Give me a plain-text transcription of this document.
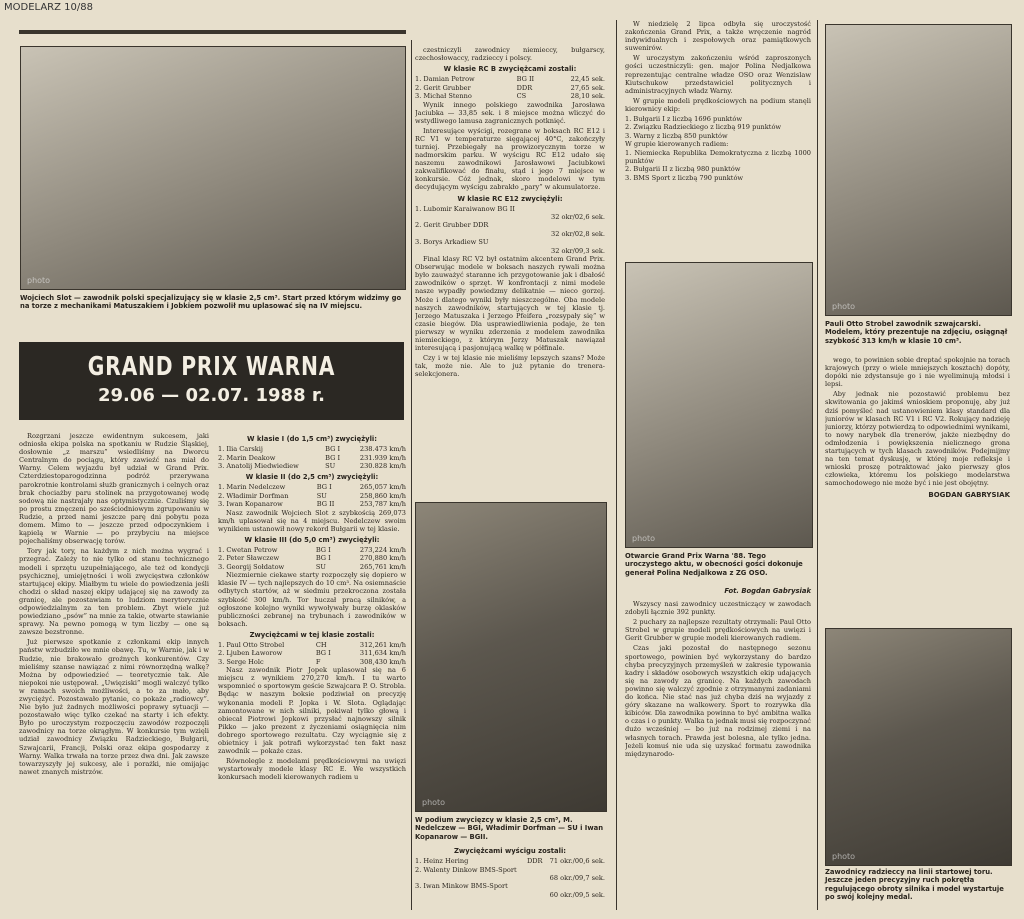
MODELARZ 10/88
photo
Wojciech Slot — zawodnik polski specjalizujący się w klasie 2,5 cm³. Start przed którym widzimy go na torze z mechanikami Matuszakiem i Jobkiem pozwolił mu uplasować się na IV miejscu.
GRAND PRIX WARNA
29.06 — 02.07. 1988 r.

Rozgrzani jeszcze ewidentnym sukcesem, jaki odniosła ekipa polska na spotkaniu w Rudzie Śląskiej, dosłownie „z marszu” wsiedliśmy na Dworcu Centralnym do pociągu, który zawieźć nas miał do Warny. Celem wyjazdu był udział w Grand Prix. Czterdziestoparogodzinna podróż przerywana parokrotnie kontrolami służb granicznych i celnych oraz brak chociażby paru stolinek na przygotowanej wodę sodową nie nastrajały nas optymistycznie. Czuliśmy się po prostu zmęczeni po sześciodniowym zgrupowaniu w Rudzie, a przed nami jeszcze parę dni pobytu poza domem. Mimo to — jeszcze przed odpoczynkiem i kąpielą w Warnie — po przybyciu na miejsce pojechaliśmy obserwację torów.

Tory jak tory, na każdym z nich można wygrać i przegrać. Zależy to nie tylko od stanu technicznego modeli i sprzętu uzupełniającego, ale też od kondycji psychicznej, umiejętności i woli zwycięstwa członków startującej ekipy. Miałbym tu wiele do powiedzenia jeśli chodzi o skład naszej ekipy udającej się na zawody za granicę, ale pozostawiam to ludziom merytorycznie odpowiedzialnym za ten problem. Zbyt wiele już powiedziano „psów” na mnie za takie, otwarte stawianie sprawy. Na pewno pomogą w tym liczby — one są zawsze bezstronne.

Już pierwsze spotkanie z członkami ekip innych państw wzbudziło we mnie obawę. Tu, w Warnie, jak i w Rudzie, nie brakowało groźnych konkurentów. Czy mieliśmy szanse nawiązać z nimi równorzędną walkę? Można by odpowiedzieć — teoretycznie tak. Ale niepokoi nie ustępował. „Uwięziski” mogli walczyć tylko w ramach swoich możliwości, a to za mało, aby zwyciężyć. Pozostawało pytanie, co pokaże „radiowcy”. Nie było już żadnych możliwości poprawy sytuacji — pozostawało więc tylko czekać na starty i ich efekty. Było po uroczystym rozpoczęciu zawodów rozpoczęli zawodnicy na torze okrągłym. W konkursie tym wzięli udział zawodnicy Związku Radzieckiego, Bułgarii, Szwajcarii, Francji, Polski oraz ekipa gospodarzy z Warny. Walka trwała na torze przez dwa dni. Jak zawsze towarzyszyły jej sukcesy, ale i porażki, nie omijając nawet znanych mistrzów.

W klasie I (do 1,5 cm³) zwyciężyli:
1. Ilia Carskij	BG I	238.473 km/h
2. Marin Deakow	BG I	231.939 km/h
3. Anatolij Miedwiediew	SU	230.828 km/h
W klasie II (do 2,5 cm³) zwyciężyli:
1. Marin Nedelczew	BG I	265,057 km/h
2. Władimir Dorfman	SU	258,860 km/h
3. Iwan Kopanarow	BG II	253,787 km/h

Nasz zawodnik Wojciech Slot z szybkością 269,073 km/h uplasował się na 4 miejscu. Nedelczew swoim wynikiem ustanowił nowy rekord Bułgarii w tej klasie.

W klasie III (do 5,0 cm³) zwyciężyli:
1. Cwetan Petrow	BG I	273,224 km/h
2. Peter Sławczew	BG I	270,880 km/h
3. Georgij Sołdatow	SU	265,761 km/h

Niezmiernie ciekawe starty rozpoczęły się dopiero w klasie IV — tych najlepszych do 10 cm³. Na osiemnaście odbytych startów, aż w siedmiu przekroczona została szybkość 300 km/h. Tor huczał pracą silników, a ogłoszone kolejno wyniki wywoływały burzę oklasków publiczności zebranej na trybunach i zawodników w boksach.

Zwyciężcami w tej klasie zostali:
1. Paul Otto Strobel	CH	312,261 km/h
2. Ljuben Ławorow	BG I	311,634 km/h
3. Serge Holc	F	308,430 km/h

Nasz zawodnik Piotr Jopek uplasował się na 6 miejscu z wynikiem 270,270 km/h. I tu warto wspomnieć o sportowym geście Szwajcara P. O. Strobla. Będąc w naszym boksie podziwiał on precyzję wykonania modeli P. Jopka i W. Slota. Oglądając zamontowane w nich silniki, pokiwał tylko głową i obiecał Piotrowi Jopkowi przysłać najnowszy silnik Pikko — jako prezent z życzeniami osiągnięcia nim dobrego sportowego rezultatu. Czy wyciągnie się z obietnicy i jak potrafi wykorzystać ten fakt nasz zawodnik — pokaże czas.

Równolegle z modelami prędkościowymi na uwięzi wystartowały modele klasy RC E. We wszystkich konkursach modeli kierowanych radiem u

czestniczyli zawodnicy niemieccy, bułgarscy, czechosłowaccy, radzieccy i polscy.

W klasie RC B zwyciężcami zostali:
1. Damian Petrow	BG II	22,45 sek.
2. Gerit Grubber	DDR	27,65 sek.
3. Michał Stenno	CS	28,10 sek.

Wynik innego polskiego zawodnika Jarosława Jaciubka — 33,85 sek. i 8 miejsce można wliczyć do wstydliwego lamusa zagranicznych potknięć.

Interesujące wyścigi, rozegrane w boksach RC E12 i RC V1 w temperaturze sięgającej 40°C, zakończyły turniej. Przebiegały na prowizorycznym torze w nadmorskim parku. W wyścigu RC E12 udało się naszemu zawodnikowi Jarosławowi Jaciubkowi zakwalifikować do finału, stąd i jego 7 miejsce w konkursie. Cóż jednak, skoro modelowi w tym decydującym wyścigu zabrakło „pary” w akumulatorze.

W klasie RC E12 zwyciężyli:
1. Lubomir Karaiwanow BG II		
		32 okr/02,6 sek.
2. Gerit Grubber DDR		
		32 okr/02,8 sek.
3. Borys Arkadiew SU		
		32 okr/09,3 sek.

Final klasy RC V2 był ostatnim akcentem Grand Prix. Obserwując modele w boksach naszych rywali można było zauważyć staranne ich przygotowanie jak i dbałość zawodników o sprzęt. W konfrontacji z nimi modele nasze wypadły powiedzmy delikatnie — nieco gorzej. Może i dlatego wyniki były nieszczególne. Oba modele naszych zawodników, startujących w tej klasie tj. Jerzego Matuszaka i Jerzego Pfeifera „rozsypały się” w czasie biegów. Dla usprawiedliwienia podaje, że ten pierwszy w wyniku zderzenia z modelem zawodnika niemieckiego, z którym Jerzy Matuszak nawiązał interesującą i pasjonującą walkę w półfinale.

Czy i w tej klasie nie mieliśmy lepszych szans? Może tak, może nie. Ale to już pytanie do trenera-selekcjonera.

photo
W podium zwycięzcy w klasie 2,5 cm³, M. Nedelczew — BGI, Władimir Dorfman — SU i Iwan Kopanarow — BGII.
Zwyciężcami wyścigu zostali:
1. Heinz Hering	DDR	71 okr./00,6 sek.
2. Walenty Dinkow BMS-Sport		
		68 okr./09,7 sek.
3. Iwan Minkow BMS-Sport		
		60 okr./09,5 sek.

W niedzielę 2 lipca odbyła się uroczystość zakończenia Grand Prix, a także wręczenie nagród indywidualnych i zespołowych oraz pamiątkowych suwenirów.

W uroczystym zakończeniu wśród zaproszonych gości uczestniczyli: gen. major Polina Nedjalkowa reprezentując centralne władze OSO oraz Wenzislaw Kiutschukow przedstawiciel politycznych i administracyjnych władz Warny.

W grupie modeli prędkościowych na podium stanęli kierownicy ekip:

1. Bułgarii I z liczbą 1696 punktów
2. Związku Radzieckiego z liczbą 919 punktów
3. Warny z liczbą 850 punktów
W grupie kierowanych radiem:
1. Niemiecka Republika Demokratyczna z liczbą 1000 punktów
2. Bułgarii II z liczbą 980 punktów
3. BMS Sport z liczbą 790 punktów
photo
Otwarcie Grand Prix Warna '88. Tego uroczystego aktu, w obecności gości dokonuje generał Polina Nedjalkowa z ZG OSO.
Fot. Bogdan Gabrysiak

Wszyscy nasi zawodnicy uczestniczący w zawodach zdobyli łącznie 392 punkty.

2 puchary za najlepsze rezultaty otrzymali: Paul Otto Strobel w grupie modeli prędkościowych na uwięzi i Gerit Grubber w grupie modeli kierowanych radiem.

Czas jaki pozostał do następnego sezonu sportowego, powinien być wykorzystany do bardzo chyba precyzyjnych przemyśleń w zakresie typowania kadry i składów osobowych wszystkich ekip udających się na zawody za granicę. Na każdych zawodach powinno się walczyć zgodnie z otrzymanymi zadaniami do końca. Nie stać nas już chyba dziś na wyjazdy z góry skazane na walkowery. Sport to rozrywka dla kibiców. Dla zawodnika powinna to być ambitna walka o czas i o punkty. Walka ta jednak musi się rozpoczynać dużo wcześniej — bo już na rodzimej ziemi i na własnych torach. Prawda jest bolesna, ale tylko jedna. Jeżeli komuś nie uda się uzyskać formatu zawodnika międzynarodo-

photo
Pauli Otto Strobel zawodnik szwajcarski. Modelem, który prezentuje na zdjęciu, osiągnął szybkość 313 km/h w klasie 10 cm³.

wego, to powinien sobie dreptać spokojnie na torach krajowych (przy o wiele mniejszych kosztach) dopóty, dopóki nie zdystansuje go i nie wyeliminują młodsi i lepsi.

Aby jednak nie pozostawić problemu bez skwitowania go jakimś wnioskiem proponuję, aby już dziś pomyśleć nad ustanowieniem klasy standard dla juniorów w klasach RC V1 i RC V2. Rokujący nadzieję juniorzy, którzy potwierdzą to odpowiednimi wynikami, to nowy narybek dla trenerów, jakże niezbędny do odmłodzenia i powiększenia nielicznego grona startujących w tych klasach zawodników. Podejmijmy na ten temat dyskusję, w której moje refleksje i wnioski proszę potraktować jako pierwszy głos człowieka, któremu los polskiego modelarstwa samochodowego nie może być i nie jest obojętny.

BOGDAN GABRYSIAK
photo
Zawodnicy radzieccy na linii startowej toru. Jeszcze jeden precyzyjny ruch pokrętła regulującego obroty silnika i model wystartuje po swój kolejny medal.
